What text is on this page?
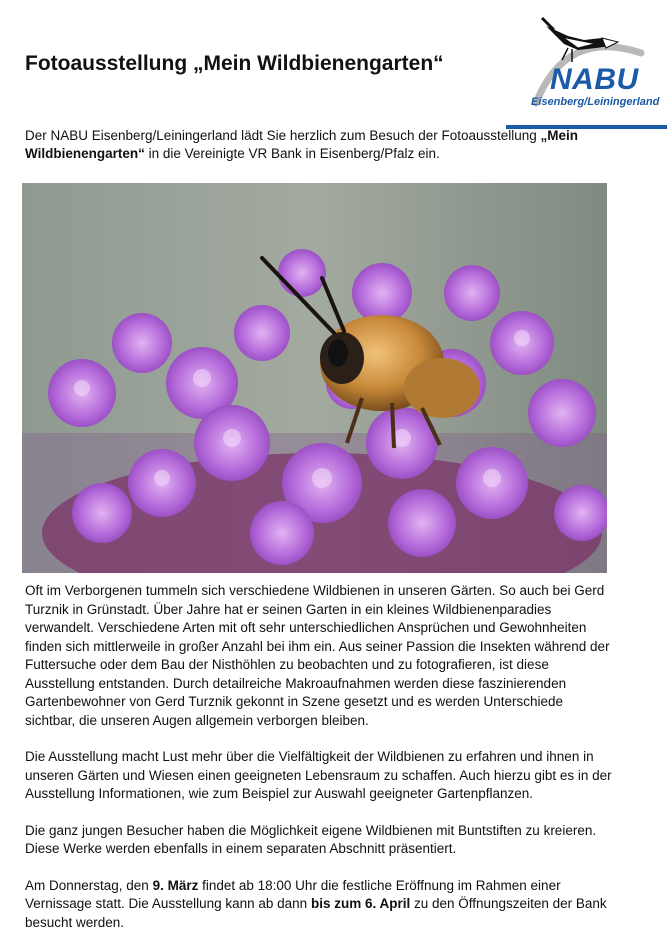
NABU
Eisenberg/Leiningerland
Fotoausstellung „Mein Wildbienengarten“

Der NABU Eisenberg/Leiningerland lädt Sie herzlich zum Besuch der Fotoausstellung „Mein Wildbienengarten“ in die Vereinigte VR Bank in Eisenberg/Pfalz ein.

Oft im Verborgenen tummeln sich verschiedene Wildbienen in unseren Gärten. So auch bei Gerd Turznik in Grünstadt. Über Jahre hat er seinen Garten in ein kleines Wildbienenparadies verwandelt. Verschiedene Arten mit oft sehr unterschiedlichen Ansprüchen und Gewohnheiten finden sich mittlerweile in großer Anzahl bei ihm ein. Aus seiner Passion die Insekten während der Futtersuche oder dem Bau der Nisthöhlen zu beobachten und zu fotografieren, ist diese Ausstellung entstanden. Durch detailreiche Makroaufnahmen werden diese faszinierenden Gartenbewohner von Gerd Turznik gekonnt in Szene gesetzt und es werden Unterschiede sichtbar, die unseren Augen allgemein verborgen bleiben.

Die Ausstellung macht Lust mehr über die Vielfältigkeit der Wildbienen zu erfahren und ihnen in unseren Gärten und Wiesen einen geeigneten Lebensraum zu schaffen. Auch hierzu gibt es in der Ausstellung Informationen, wie zum Beispiel zur Auswahl geeigneter Gartenpflanzen.

Die ganz jungen Besucher haben die Möglichkeit eigene Wildbienen mit Buntstiften zu kreieren. Diese Werke werden ebenfalls in einem separaten Abschnitt präsentiert.

Am Donnerstag, den 9. März findet ab 18:00 Uhr die festliche Eröffnung im Rahmen einer Vernissage statt. Die Ausstellung kann ab dann bis zum 6. April zu den Öffnungszeiten der Bank besucht werden.
